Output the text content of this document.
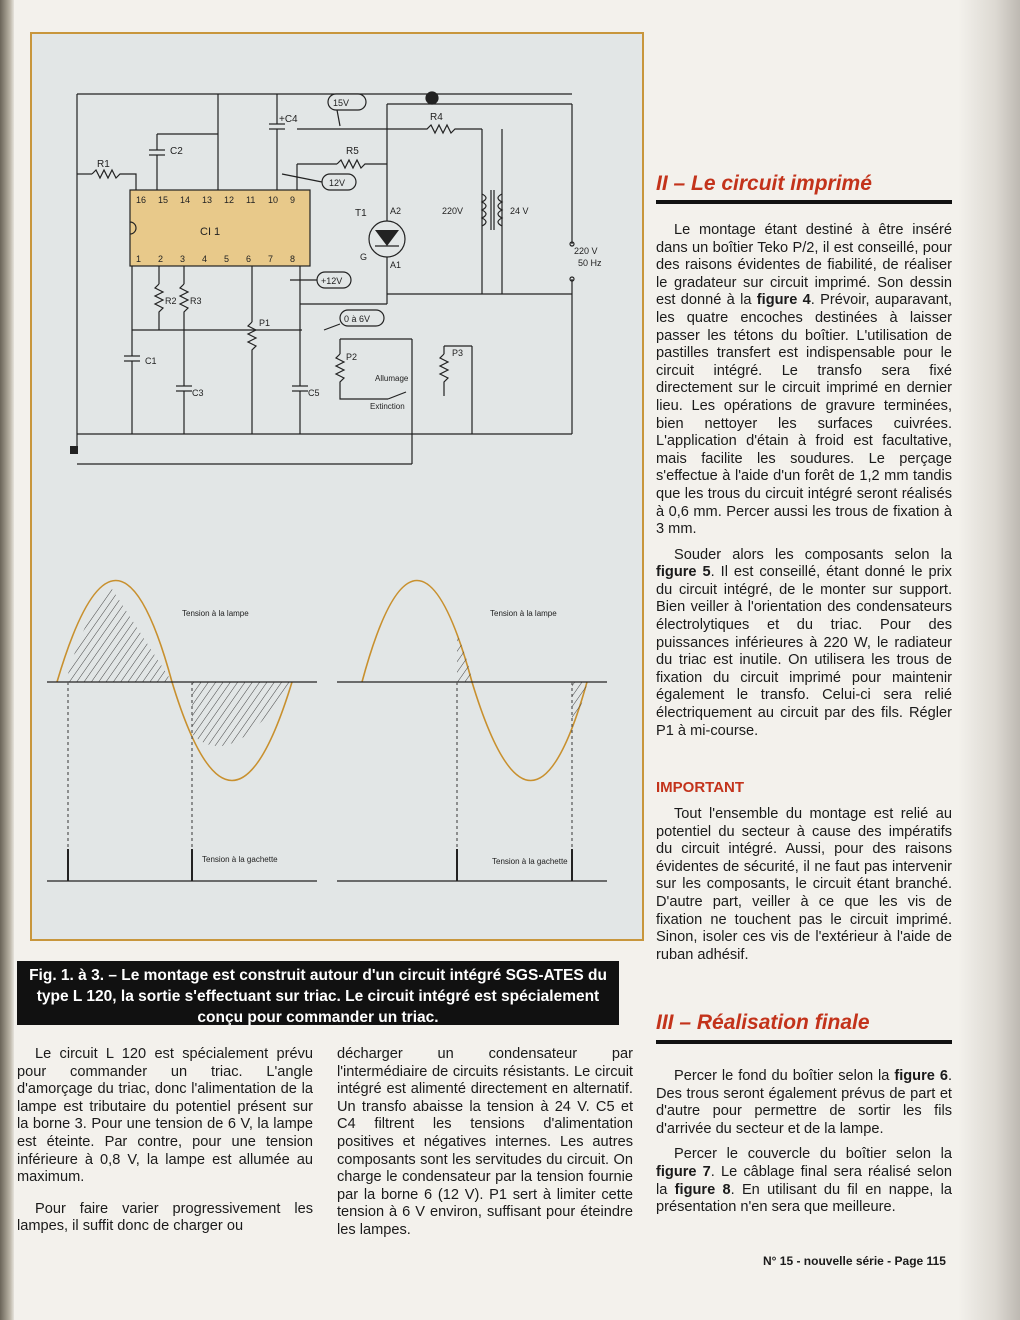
16 15 14 13 12 11 10 9
1 2 3 4 5 6 7 8
CI 1
R1
C2
+C4
R5
15V
R4
12V
T1	A2
A1
G
220V	24 V
220 V
50 Hz
+12V
R2 R3
C1
C3
P1
C5
0 à 6V
P2
Allumage
Extinction
P3
Tension à la lampe	Tension à la lampe
Tension à la gachette	Tension à la gachette
Fig. 1. à 3. – Le montage est construit autour d'un circuit intégré SGS-ATES du type L 120, la sortie s'effectuant sur triac. Le circuit intégré est spécialement conçu pour commander un triac.

Le circuit L 120 est spécialement prévu pour commander un triac. L'angle d'amorçage du triac, donc l'alimentation de la lampe est tributaire du potentiel présent sur la borne 3. Pour une tension de 6 V, la lampe est éteinte. Par contre, pour une tension inférieure à 0,8 V, la lampe est allumée au maximum.

Pour faire varier progressivement les lampes, il suffit donc de charger ou

décharger un condensateur par l'intermédiaire de circuits résistants. Le circuit intégré est alimenté directement en alternatif. Un transfo abaisse la tension à 24 V. C5 et C4 filtrent les tensions d'alimentation positives et négatives internes. Les autres composants sont les servitudes du circuit. On charge le condensateur par la tension fournie par la borne 6 (12 V). P1 sert à limiter cette tension à 6 V environ, suffisant pour éteindre les lampes.

II – Le circuit imprimé

Le montage étant destiné à être inséré dans un boîtier Teko P/2, il est conseillé, pour des raisons évidentes de fiabilité, de réaliser le gradateur sur circuit imprimé. Son dessin est donné à la figure 4. Prévoir, auparavant, les quatre encoches destinées à laisser passer les tétons du boîtier. L'utilisation de pastilles transfert est indispensable pour le circuit intégré. Le transfo sera fixé directement sur le circuit imprimé en dernier lieu. Les opérations de gravure terminées, bien nettoyer les surfaces cuivrées. L'application d'étain à froid est facultative, mais facilite les soudures. Le perçage s'effectue à l'aide d'un forêt de 1,2 mm tandis que les trous du circuit intégré seront réalisés à 0,6 mm. Percer aussi les trous de fixation à 3 mm.

Souder alors les composants selon la figure 5. Il est conseillé, étant donné le prix du circuit intégré, de le monter sur support. Bien veiller à l'orientation des condensateurs électrolytiques et du triac. Pour des puissances inférieures à 220 W, le radiateur du triac est inutile. On utilisera les trous de fixation du circuit imprimé pour maintenir également le transfo. Celui-ci sera relié électriquement au circuit par des fils. Régler P1 à mi-course.

IMPORTANT

Tout l'ensemble du montage est relié au potentiel du secteur à cause des impératifs du circuit intégré. Aussi, pour des raisons évidentes de sécurité, il ne faut pas intervenir sur les composants, le circuit étant branché. D'autre part, veiller à ce que les vis de fixation ne touchent pas le circuit imprimé. Sinon, isoler ces vis de l'extérieur à l'aide de ruban adhésif.

III – Réalisation finale

Percer le fond du boîtier selon la figure 6. Des trous seront également prévus de part et d'autre pour permettre de sortir les fils d'arrivée du secteur et de la lampe.

Percer le couvercle du boîtier selon la figure 7. Le câblage final sera réalisé selon la figure 8. En utilisant du fil en nappe, la présentation n'en sera que meilleure.

N° 15 - nouvelle série - Page 115
